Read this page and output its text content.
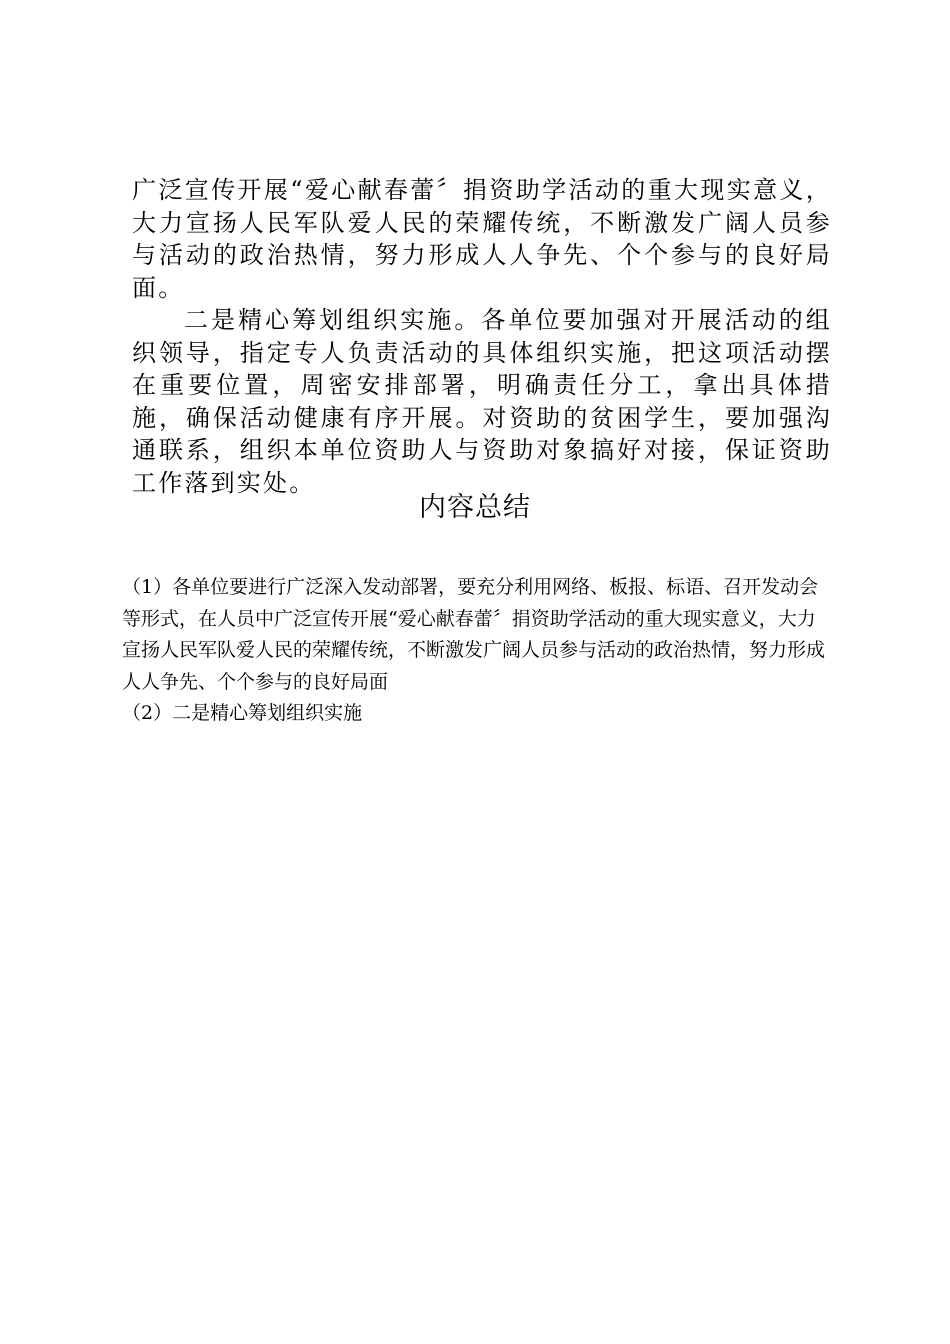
广泛宣传开展“爱心献春蕾〞捐资助学活动的重大现实意义，大力宣扬人民军队爱人民的荣耀传统，不断激发广阔人员参与活动的政治热情，努力形成人人争先、个个参与的良好局面。

二是精心筹划组织实施。各单位要加强对开展活动的组织领导，指定专人负责活动的具体组织实施，把这项活动摆在重要位置，周密安排部署，明确责任分工，拿出具体措施，确保活动健康有序开展。对资助的贫困学生，要加强沟通联系，组织本单位资助人与资助对象搞好对接，保证资助工作落到实处。

内容总结

（1）各单位要进行广泛深入发动部署，要充分利用网络、板报、标语、召开发动会等形式，在人员中广泛宣传开展“爱心献春蕾〞捐资助学活动的重大现实意义，大力宣扬人民军队爱人民的荣耀传统，不断激发广阔人员参与活动的政治热情，努力形成人人争先、个个参与的良好局面

（2）二是精心筹划组织实施
